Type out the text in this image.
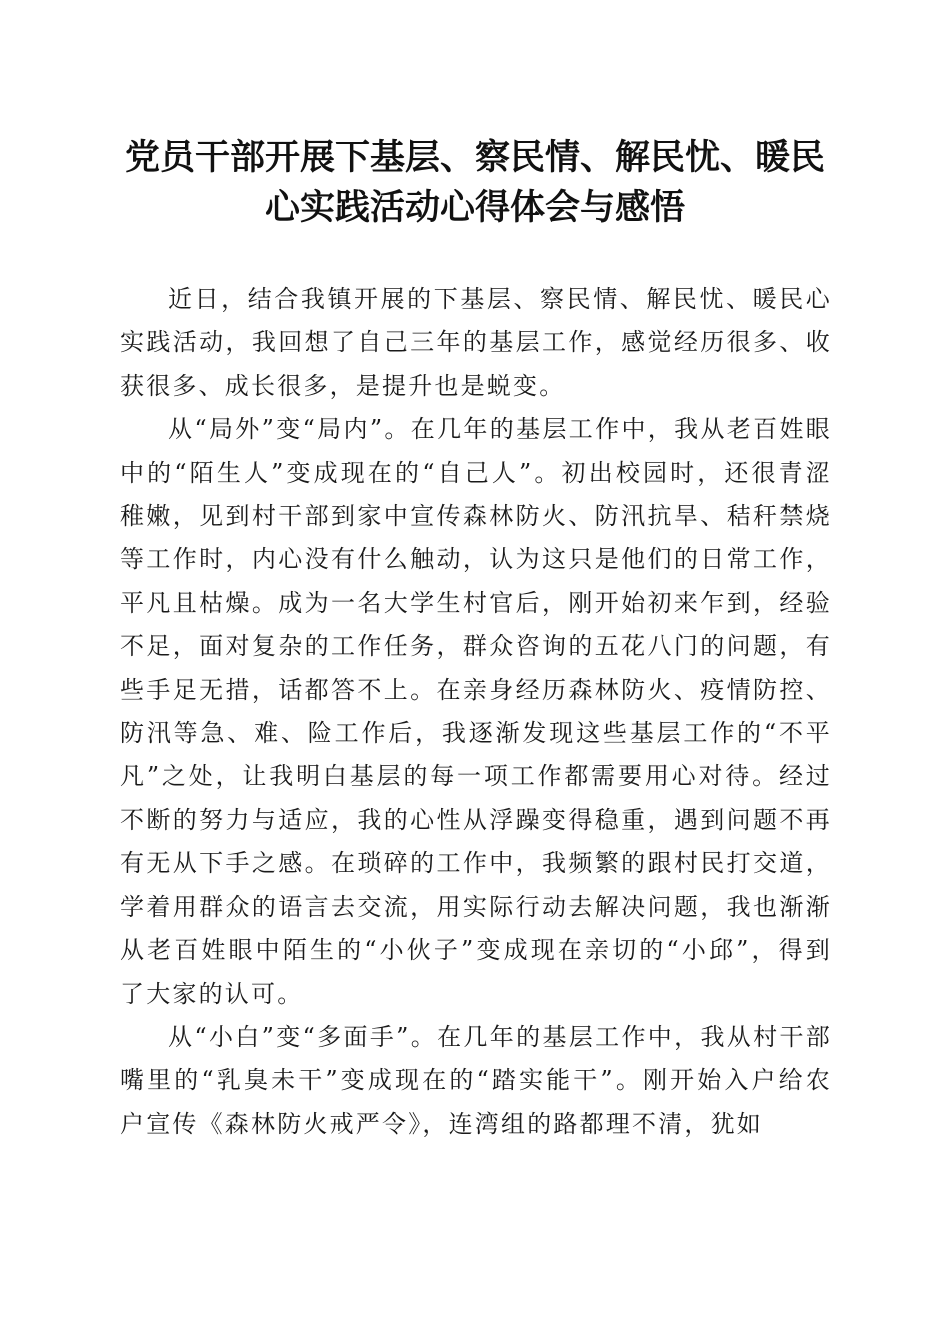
党员干部开展下基层、察民情、解民忧、暖民
心实践活动心得体会与感悟

近日，结合我镇开展的下基层、察民情、解民忧、暖民心实践活动，我回想了自己三年的基层工作，感觉经历很多、收获很多、成长很多，是提升也是蜕变。

从“局外”变“局内”。在几年的基层工作中，我从老百姓眼中的“陌生人”变成现在的“自己人”。初出校园时，还很青涩稚嫩，见到村干部到家中宣传森林防火、防汛抗旱、秸秆禁烧等工作时，内心没有什么触动，认为这只是他们的日常工作，平凡且枯燥。成为一名大学生村官后，刚开始初来乍到，经验不足，面对复杂的工作任务，群众咨询的五花八门的问题，有些手足无措，话都答不上。在亲身经历森林防火、疫情防控、防汛等急、难、险工作后，我逐渐发现这些基层工作的“不平凡”之处，让我明白基层的每一项工作都需要用心对待。经过不断的努力与适应，我的心性从浮躁变得稳重，遇到问题不再有无从下手之感。在琐碎的工作中，我频繁的跟村民打交道，学着用群众的语言去交流，用实际行动去解决问题，我也渐渐从老百姓眼中陌生的“小伙子”变成现在亲切的“小邱”，得到了大家的认可。

从“小白”变“多面手”。在几年的基层工作中，我从村干部嘴里的“乳臭未干”变成现在的“踏实能干”。刚开始入户给农户宣传《森林防火戒严令》，连湾组的路都理不清，犹如
